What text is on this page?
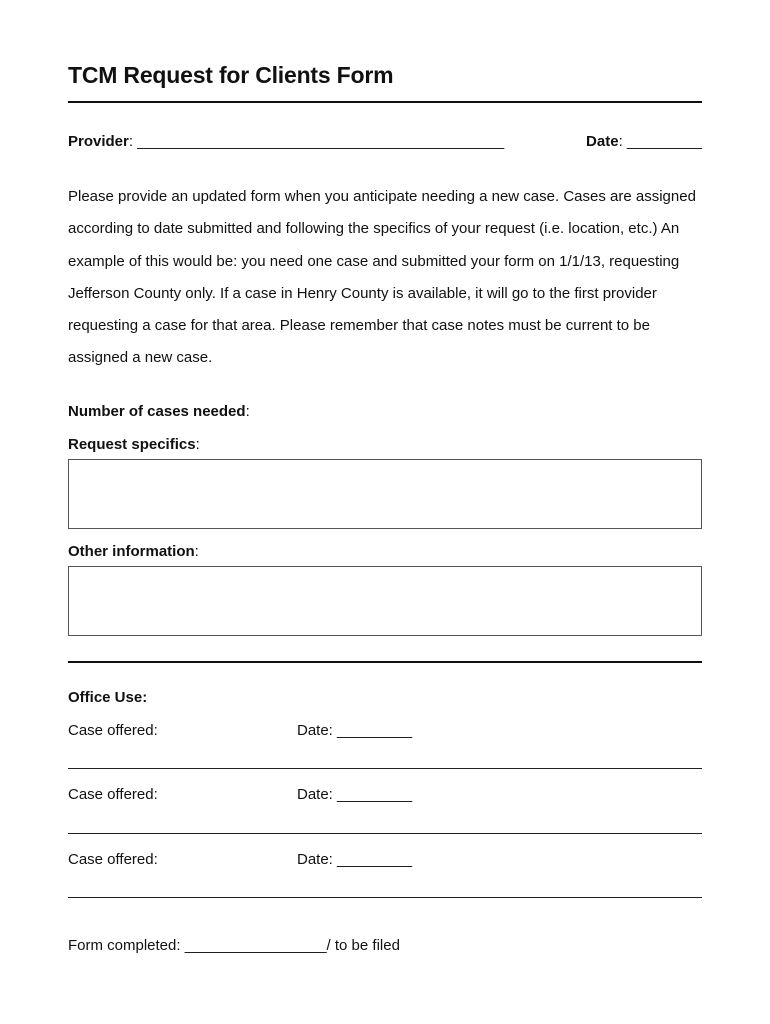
TCM Request for Clients Form
Provider: ____________________________________________	Date: _________

Please provide an updated form when you anticipate needing a new case. Cases are assigned according to date submitted and following the specifics of your request (i.e. location, etc.) An example of this would be: you need one case and submitted your form on 1/1/13, requesting Jefferson County only. If a case in Henry County is available, it will go to the first provider requesting a case for that area. Please remember that case notes must be current to be assigned a new case.

Number of cases needed:
Request specifics:
Other information:
Office Use:
Case offered:	Date: _________
Case offered:	Date: _________
Case offered:	Date: _________
Form completed: _________________/ to be filed
